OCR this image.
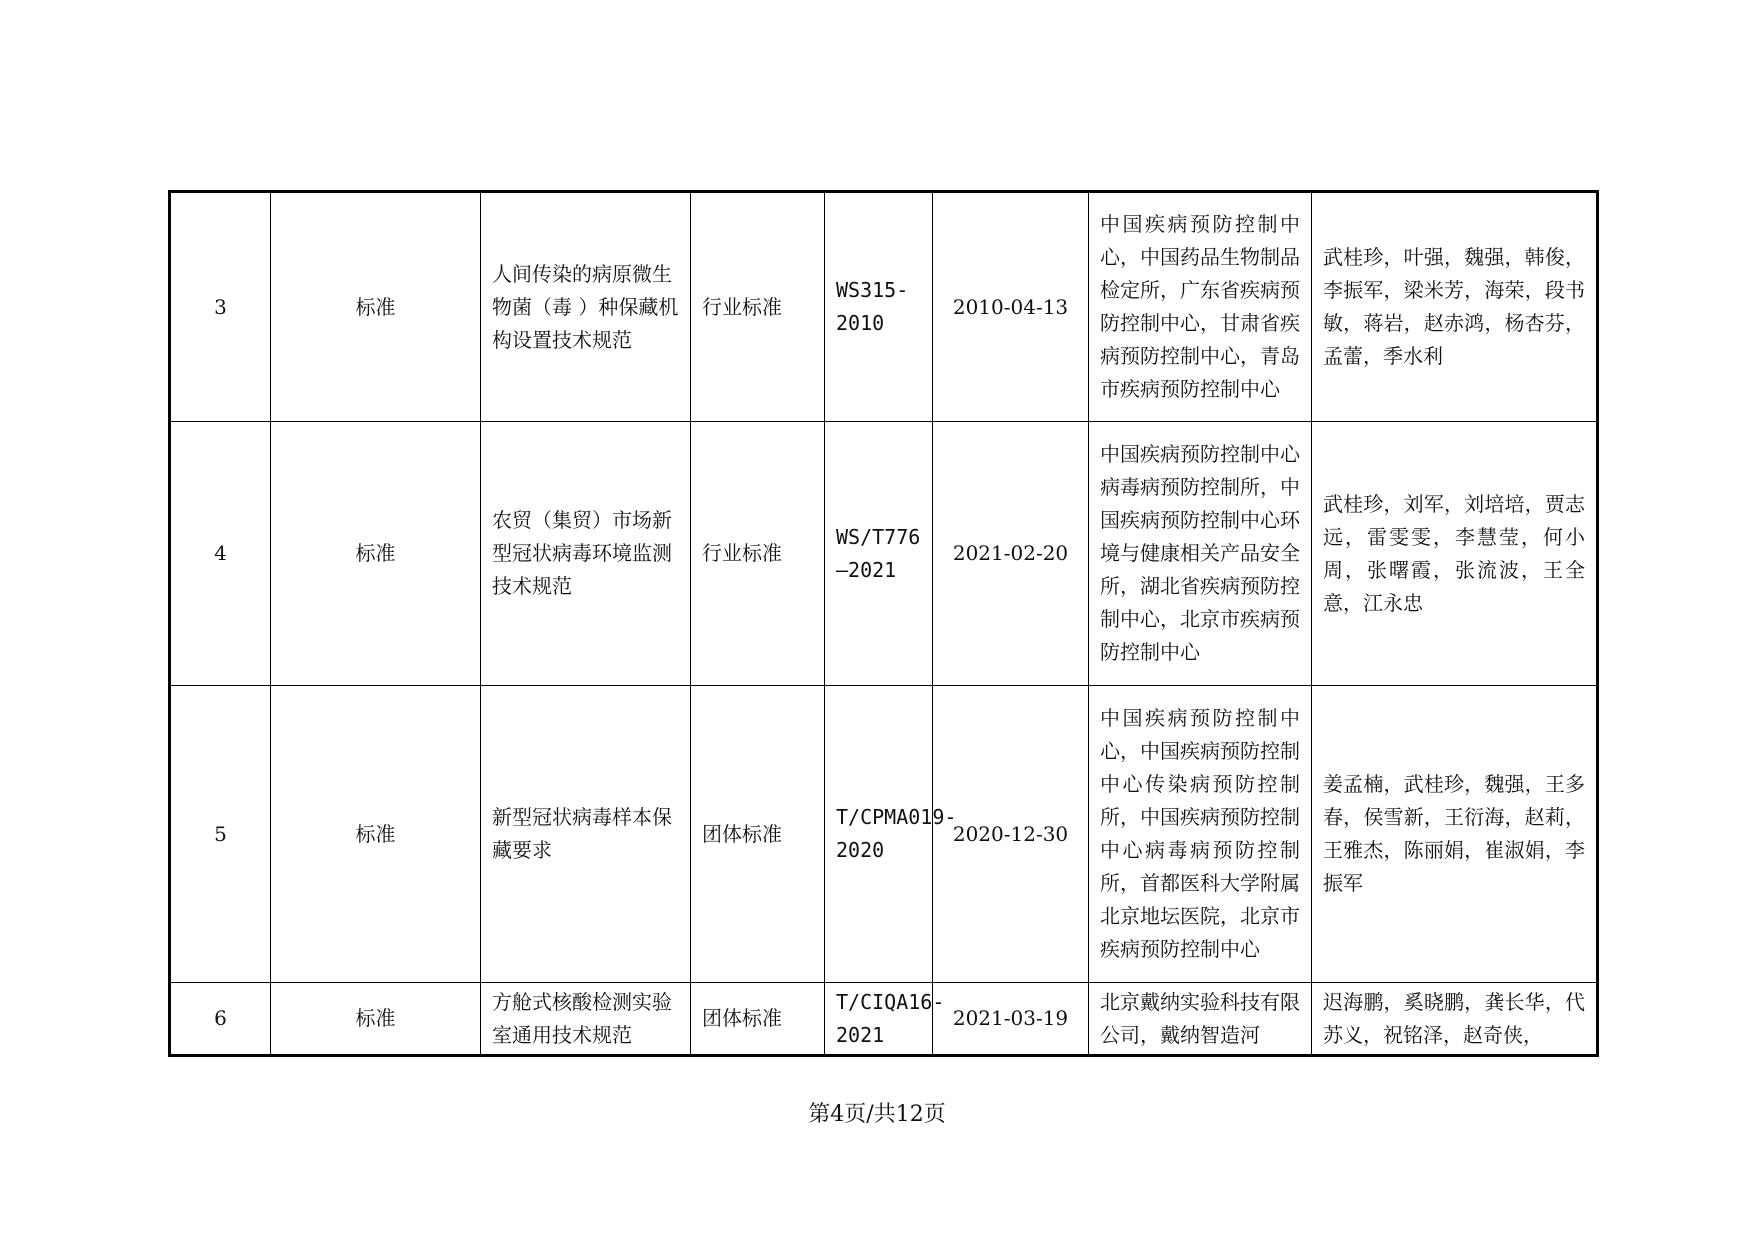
3	标准	人间传染的病原微生物菌（毒 ）种保藏机构设置技术规范	行业标准	WS315-2010	2010-04-13	中国疾病预防控制中心，中国药品生物制品检定所，广东省疾病预防控制中心，甘肃省疾病预防控制中心，青岛市疾病预防控制中心	武桂珍，叶强，魏强，韩俊，李振军，梁米芳，海荣，段书敏，蒋岩，赵赤鸿，杨杏芬，孟蕾，季水利
4	标准	农贸（集贸）市场新型冠状病毒环境监测技术规范	行业标准	WS/T776—2021	2021-02-20	中国疾病预防控制中心病毒病预防控制所，中国疾病预防控制中心环境与健康相关产品安全所，湖北省疾病预防控制中心，北京市疾病预防控制中心	武桂珍，刘军，刘培培，贾志远，雷雯雯，李慧莹，何小周，张曙霞，张流波，王全意，江永忠
5	标准	新型冠状病毒样本保藏要求	团体标准	T/CPMA019-2020	2020-12-30	中国疾病预防控制中心，中国疾病预防控制中心传染病预防控制所，中国疾病预防控制中心病毒病预防控制所，首都医科大学附属北京地坛医院，北京市疾病预防控制中心	姜孟楠，武桂珍，魏强，王多春，侯雪新，王衍海，赵莉，王雅杰，陈丽娟，崔淑娟，李振军
6	标准	方舱式核酸检测实验室通用技术规范	团体标准	T/CIQA16-2021	2021-03-19	北京戴纳实验科技有限公司，戴纳智造河	迟海鹏，奚晓鹏，龚长华，代苏义，祝铭泽，赵奇侠，
第4页/共12页
